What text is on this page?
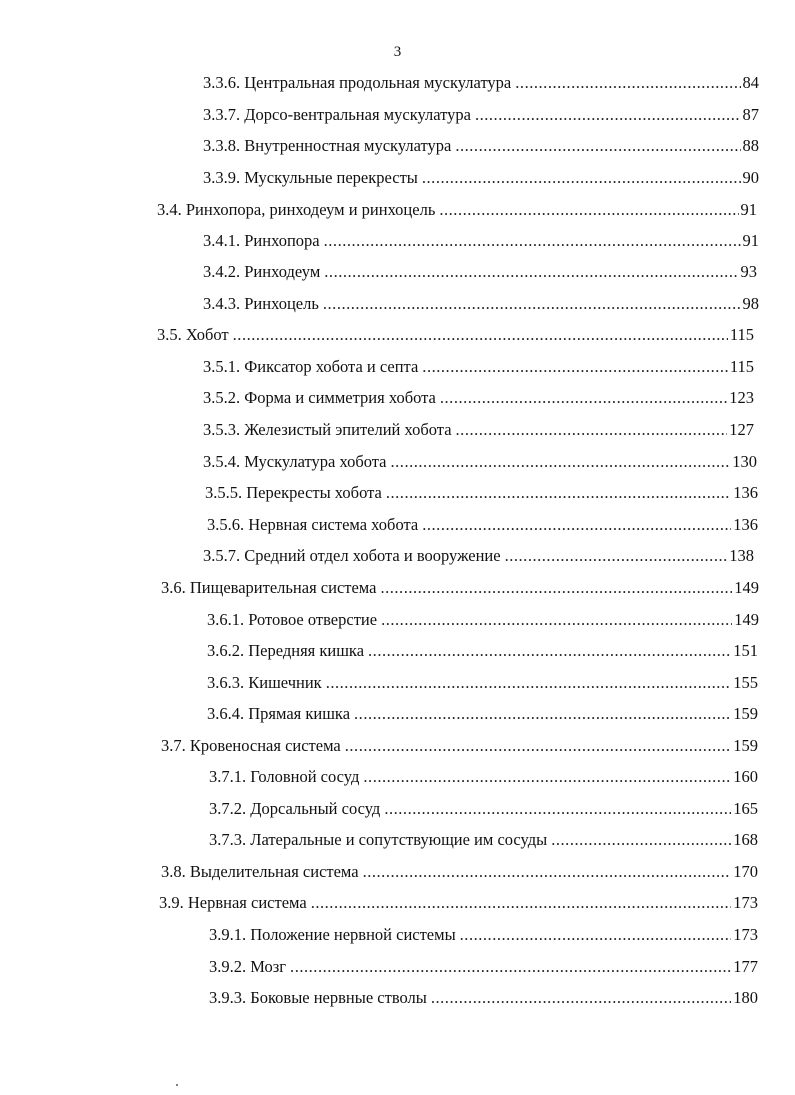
3
3.3.6. Центральная продольная мускулатура . . .	84
3.3.7. Дорсо-вентральная мускулатура . . .	87
3.3.8. Внутренностная мускулатура . . .	88
3.3.9. Мускульные перекресты . . .	90
3.4. Ринхопора, ринходеум и ринхоцель . . .	91
3.4.1. Ринхопора . . .	91
3.4.2. Ринходеум . . .	93
3.4.3. Ринхоцель . . .	98
3.5. Хобот . . .	115
3.5.1. Фиксатор хобота и септа . . .	115
3.5.2. Форма и симметрия хобота . . .	123
3.5.3. Железистый эпителий хобота . . .	127
3.5.4. Мускулатура хобота . . .	130
3.5.5. Перекресты хобота . . .	136
3.5.6. Нервная система хобота . . .	136
3.5.7. Средний отдел хобота и вооружение . . .	138
3.6. Пищеварительная система . . .	149
3.6.1. Ротовое отверстие . . .	149
3.6.2. Передняя кишка . . .	151
3.6.3. Кишечник . . .	155
3.6.4. Прямая кишка . . .	159
3.7. Кровеносная система . . .	159
3.7.1. Головной сосуд . . .	160
3.7.2. Дорсальный сосуд . . .	165
3.7.3. Латеральные и сопутствующие им сосуды . . .	168
3.8. Выделительная система . . .	170
3.9. Нервная система . . .	173
3.9.1. Положение нервной системы . . .	173
3.9.2. Мозг . . .	177
3.9.3. Боковые нервные стволы . . .	180
